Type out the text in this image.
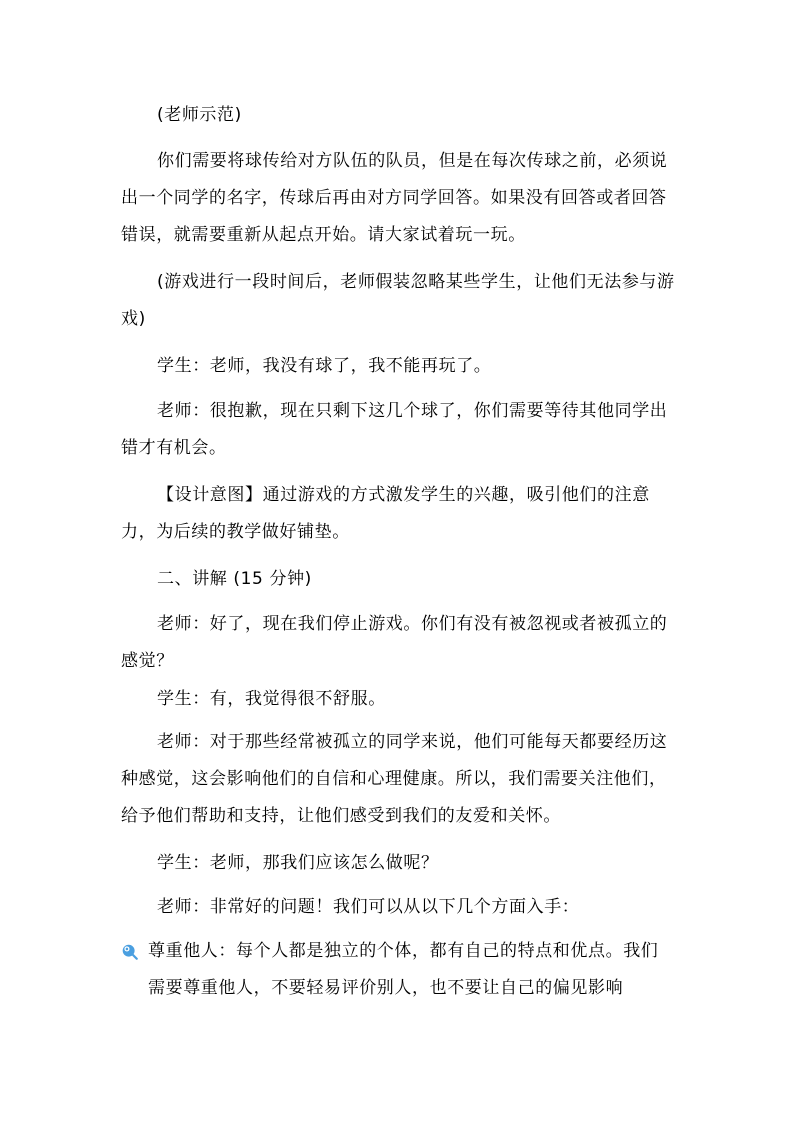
(老师示范)

你们需要将球传给对方队伍的队员，但是在每次传球之前，必须说出一个同学的名字，传球后再由对方同学回答。如果没有回答或者回答错误，就需要重新从起点开始。请大家试着玩一玩。

(游戏进行一段时间后，老师假装忽略某些学生，让他们无法参与游戏)

学生：老师，我没有球了，我不能再玩了。

老师：很抱歉，现在只剩下这几个球了，你们需要等待其他同学出错才有机会。

【设计意图】通过游戏的方式激发学生的兴趣，吸引他们的注意力，为后续的教学做好铺垫。

二、讲解 (15 分钟)

老师：好了，现在我们停止游戏。你们有没有被忽视或者被孤立的感觉？

学生：有，我觉得很不舒服。

老师：对于那些经常被孤立的同学来说，他们可能每天都要经历这种感觉，这会影响他们的自信和心理健康。所以，我们需要关注他们，给予他们帮助和支持，让他们感受到我们的友爱和关怀。

学生：老师，那我们应该怎么做呢？

老师：非常好的问题！我们可以从以下几个方面入手：

尊重他人：每个人都是独立的个体，都有自己的特点和优点。我们需要尊重他人，不要轻易评价别人，也不要让自己的偏见影响
